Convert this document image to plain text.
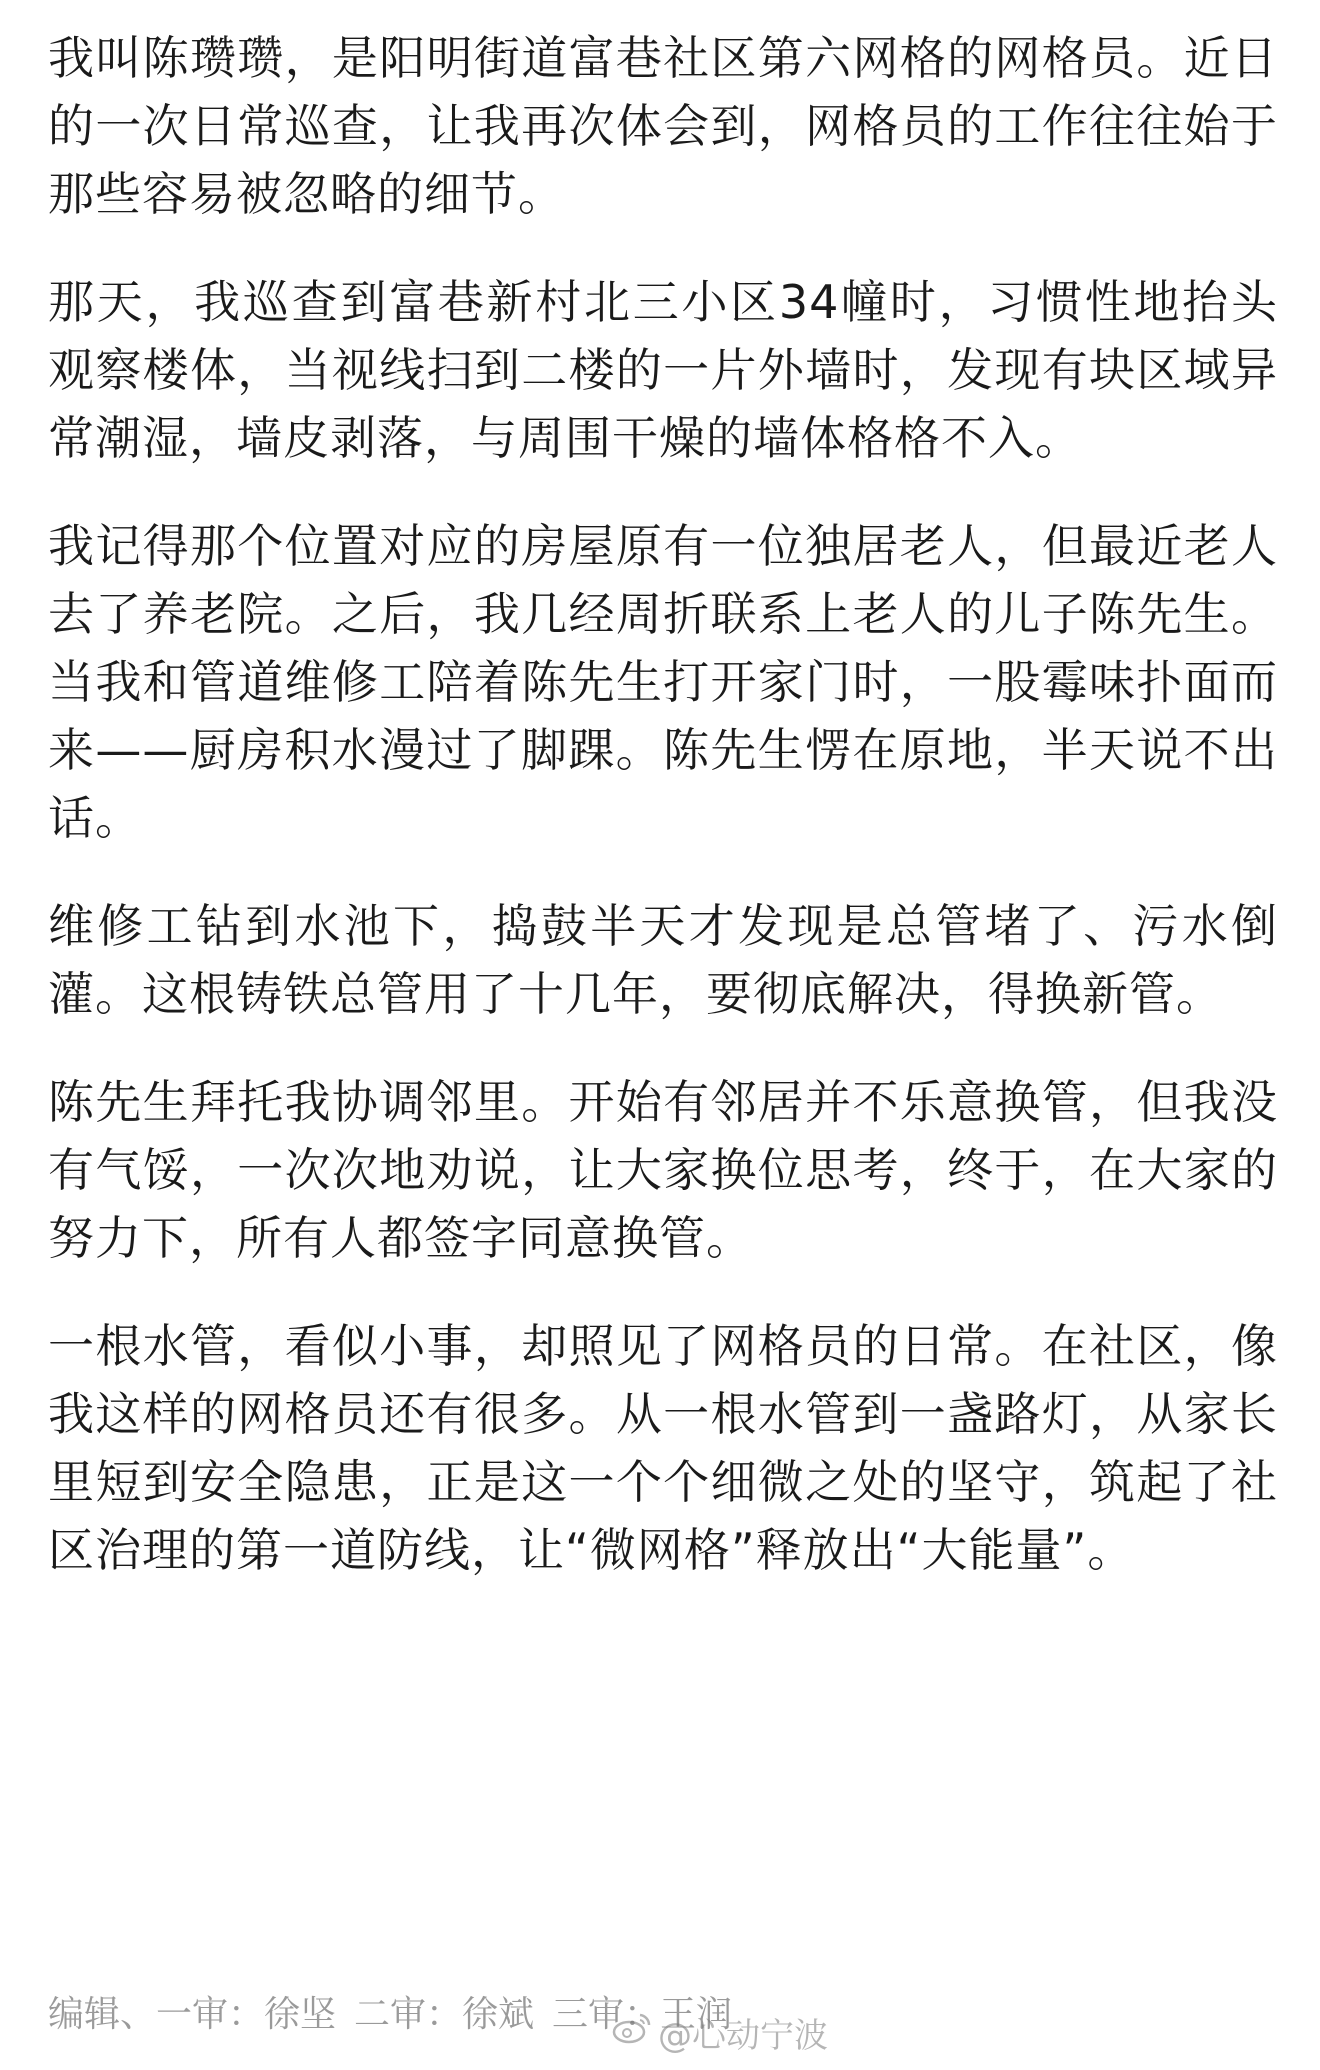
我叫陈瓒瓒，是阳明街道富巷社区第六网格的网格员。近日的一次日常巡查，让我再次体会到，网格员的工作往往始于那些容易被忽略的细节。

那天，我巡查到富巷新村北三小区34幢时，习惯性地抬头观察楼体，当视线扫到二楼的一片外墙时，发现有块区域异常潮湿，墙皮剥落，与周围干燥的墙体格格不入。

我记得那个位置对应的房屋原有一位独居老人，但最近老人去了养老院。之后，我几经周折联系上老人的儿子陈先生。当我和管道维修工陪着陈先生打开家门时，一股霉味扑面而来——厨房积水漫过了脚踝。陈先生愣在原地，半天说不出话。

维修工钻到水池下，捣鼓半天才发现是总管堵了、污水倒灌。这根铸铁总管用了十几年，要彻底解决，得换新管。

陈先生拜托我协调邻里。开始有邻居并不乐意换管，但我没有气馁，一次次地劝说，让大家换位思考，终于，在大家的努力下，所有人都签字同意换管。

一根水管，看似小事，却照见了网格员的日常。在社区，像我这样的网格员还有很多。从一根水管到一盏路灯，从家长里短到安全隐患，正是这一个个细微之处的坚守，筑起了社区治理的第一道防线，让“微网格”释放出“大能量”。

编辑、一审：徐坚 二审：徐斌 三审：王润
@心动宁波
